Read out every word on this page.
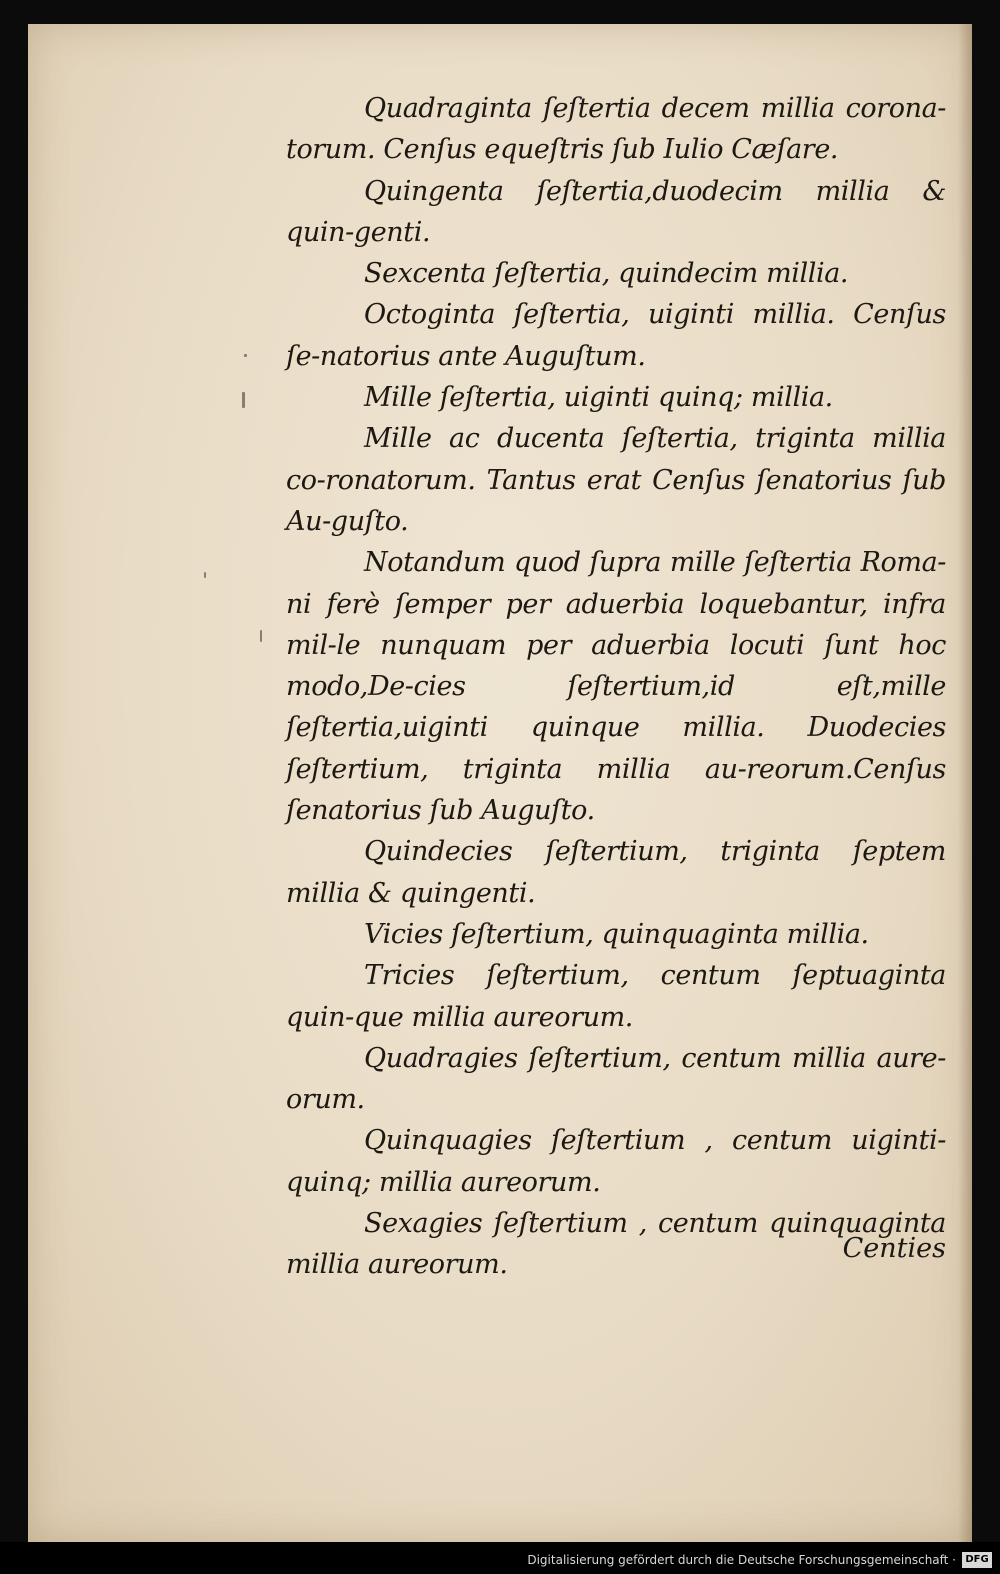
Quadraginta ſeſtertia decem millia corona-torum. Cenſus equeſtris ſub Iulio Cæſare.

Quingenta ſeſtertia,duodecim millia & quin-genti.

Sexcenta ſeſtertia, quindecim millia.

Octoginta ſeſtertia, uiginti millia. Cenſus ſe-natorius ante Auguſtum.

Mille ſeſtertia, uiginti quinq; millia.

Mille ac ducenta ſeſtertia, triginta millia co-ronatorum. Tantus erat Cenſus ſenatorius ſub Au-guſto.

Notandum quod ſupra mille ſeſtertia Roma-ni ferè ſemper per aduerbia loquebantur, infra mil-le nunquam per aduerbia locuti ſunt hoc modo,De-cies ſeſtertium,id eſt,mille ſeſtertia,uiginti quinque millia. Duodecies ſeſtertium, triginta millia au-reorum.Cenſus ſenatorius ſub Auguſto.

Quindecies ſeſtertium, triginta ſeptem millia & quingenti.

Vicies ſeſtertium, quinquaginta millia.

Tricies ſeſtertium, centum ſeptuaginta quin-que millia aureorum.

Quadragies ſeſtertium, centum millia aure-orum.

Quinquagies ſeſtertium , centum uiginti-quinq; millia aureorum.

Sexagies ſeſtertium , centum quinquaginta millia aureorum.

Centies
Digitalisierung gefördert durch die Deutsche Forschungsgemeinschaft · DFG
